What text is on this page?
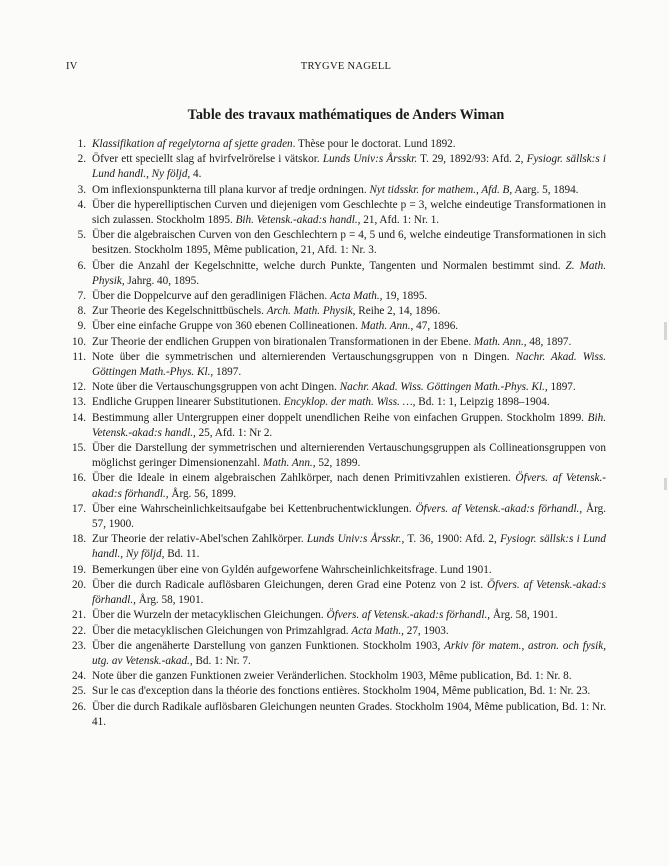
IV	TRYGVE NAGELL
Table des travaux mathématiques de Anders Wiman
1. Klassifikation af regelytorna af sjette graden. Thèse pour le doctorat. Lund 1892.
2. Öfver ett speciellt slag af hvirfvelrörelse i vätskor. Lunds Univ:s Årsskr. T. 29, 1892/93: Afd. 2, Fysiogr. sällsk:s i Lund handl., Ny följd, 4.
3. Om inflexionspunkterna till plana kurvor af tredje ordningen. Nyt tidsskr. for mathem., Afd. B, Aarg. 5, 1894.
4. Über die hyperelliptischen Curven und diejenigen vom Geschlechte p = 3, welche eindeutige Transformationen in sich zulassen. Stockholm 1895. Bih. Vetensk.-akad:s handl., 21, Afd. 1: Nr. 1.
5. Über die algebraischen Curven von den Geschlechtern p = 4, 5 und 6, welche eindeutige Transformationen in sich besitzen. Stockholm 1895, Même publication, 21, Afd. 1: Nr. 3.
6. Über die Anzahl der Kegelschnitte, welche durch Punkte, Tangenten und Normalen bestimmt sind. Z. Math. Physik, Jahrg. 40, 1895.
7. Über die Doppelcurve auf den geradlinigen Flächen. Acta Math., 19, 1895.
8. Zur Theorie des Kegelschnittbüschels. Arch. Math. Physik, Reihe 2, 14, 1896.
9. Über eine einfache Gruppe von 360 ebenen Collineationen. Math. Ann., 47, 1896.
10. Zur Theorie der endlichen Gruppen von birationalen Transformationen in der Ebene. Math. Ann., 48, 1897.
11. Note über die symmetrischen und alternierenden Vertauschungsgruppen von n Dingen. Nachr. Akad. Wiss. Göttingen Math.-Phys. Kl., 1897.
12. Note über die Vertauschungsgruppen von acht Dingen. Nachr. Akad. Wiss. Göttingen Math.-Phys. Kl., 1897.
13. Endliche Gruppen linearer Substitutionen. Encyklop. der math. Wiss. …, Bd. 1: 1, Leipzig 1898–1904.
14. Bestimmung aller Untergruppen einer doppelt unendlichen Reihe von einfachen Gruppen. Stockholm 1899. Bih. Vetensk.-akad:s handl., 25, Afd. 1: Nr 2.
15. Über die Darstellung der symmetrischen und alternierenden Vertauschungsgruppen als Collineationsgruppen von möglichst geringer Dimensionenzahl. Math. Ann., 52, 1899.
16. Über die Ideale in einem algebraischen Zahlkörper, nach denen Primitivzahlen existieren. Öfvers. af Vetensk.-akad:s förhandl., Årg. 56, 1899.
17. Über eine Wahrscheinlichkeitsaufgabe bei Kettenbruchentwicklungen. Öfvers. af Vetensk.-akad:s förhandl., Årg. 57, 1900.
18. Zur Theorie der relativ-Abel'schen Zahlkörper. Lunds Univ:s Årsskr., T. 36, 1900: Afd. 2, Fysiogr. sällsk:s i Lund handl., Ny följd, Bd. 11.
19. Bemerkungen über eine von Gyldén aufgeworfene Wahrscheinlichkeitsfrage. Lund 1901.
20. Über die durch Radicale auflösbaren Gleichungen, deren Grad eine Potenz von 2 ist. Öfvers. af Vetensk.-akad:s förhandl., Årg. 58, 1901.
21. Über die Wurzeln der metacyklischen Gleichungen. Öfvers. af Vetensk.-akad:s förhandl., Årg. 58, 1901.
22. Über die metacyklischen Gleichungen von Primzahlgrad. Acta Math., 27, 1903.
23. Über die angenäherte Darstellung von ganzen Funktionen. Stockholm 1903, Arkiv för matem., astron. och fysik, utg. av Vetensk.-akad., Bd. 1: Nr. 7.
24. Note über die ganzen Funktionen zweier Veränderlichen. Stockholm 1903, Même publication, Bd. 1: Nr. 8.
25. Sur le cas d'exception dans la théorie des fonctions entières. Stockholm 1904, Même publication, Bd. 1: Nr. 23.
26. Über die durch Radikale auflösbaren Gleichungen neunten Grades. Stockholm 1904, Même publication, Bd. 1: Nr. 41.
